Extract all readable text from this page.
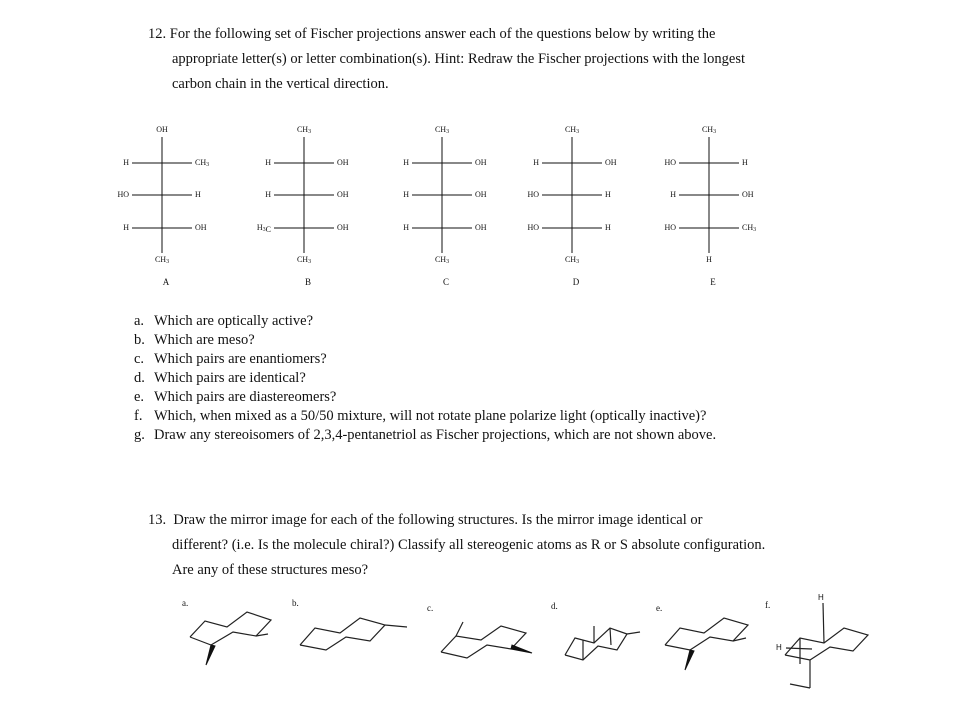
12. For the following set of Fischer projections answer each of the questions below by writing the
appropriate letter(s) or letter combination(s). Hint: Redraw the Fischer projections with the longest
carbon chain in the vertical direction.
OH
$CH_3$
H	$CH_3$
HO	H
H	OH
A
$CH_3$
$CH_3$
H	OH
H	OH
$H_3C$	OH
B
$CH_3$
$CH_3$
H	OH
H	OH
H	OH
C
$CH_3$
$CH_3$
H	OH
HO	H
HO	H
D
$CH_3$
H
HO	H
H	OH
HO	$CH_3$
E
a. Which are optically active?
b. Which are meso?
c. Which pairs are enantiomers?
d. Which pairs are identical?
e. Which pairs are diastereomers?
f. Which, when mixed as a 50/50 mixture, will not rotate plane polarize light (optically inactive)?
g. Draw any stereoisomers of 2,3,4-pentanetriol as Fischer projections, which are not shown above.
13. Draw the mirror image for each of the following structures. Is the mirror image identical or
different? (i.e. Is the molecule chiral?) Classify all stereogenic atoms as R or S absolute configuration.
Are any of these structures meso?
a.	b.	c.	d.	e.	f.
H
H
